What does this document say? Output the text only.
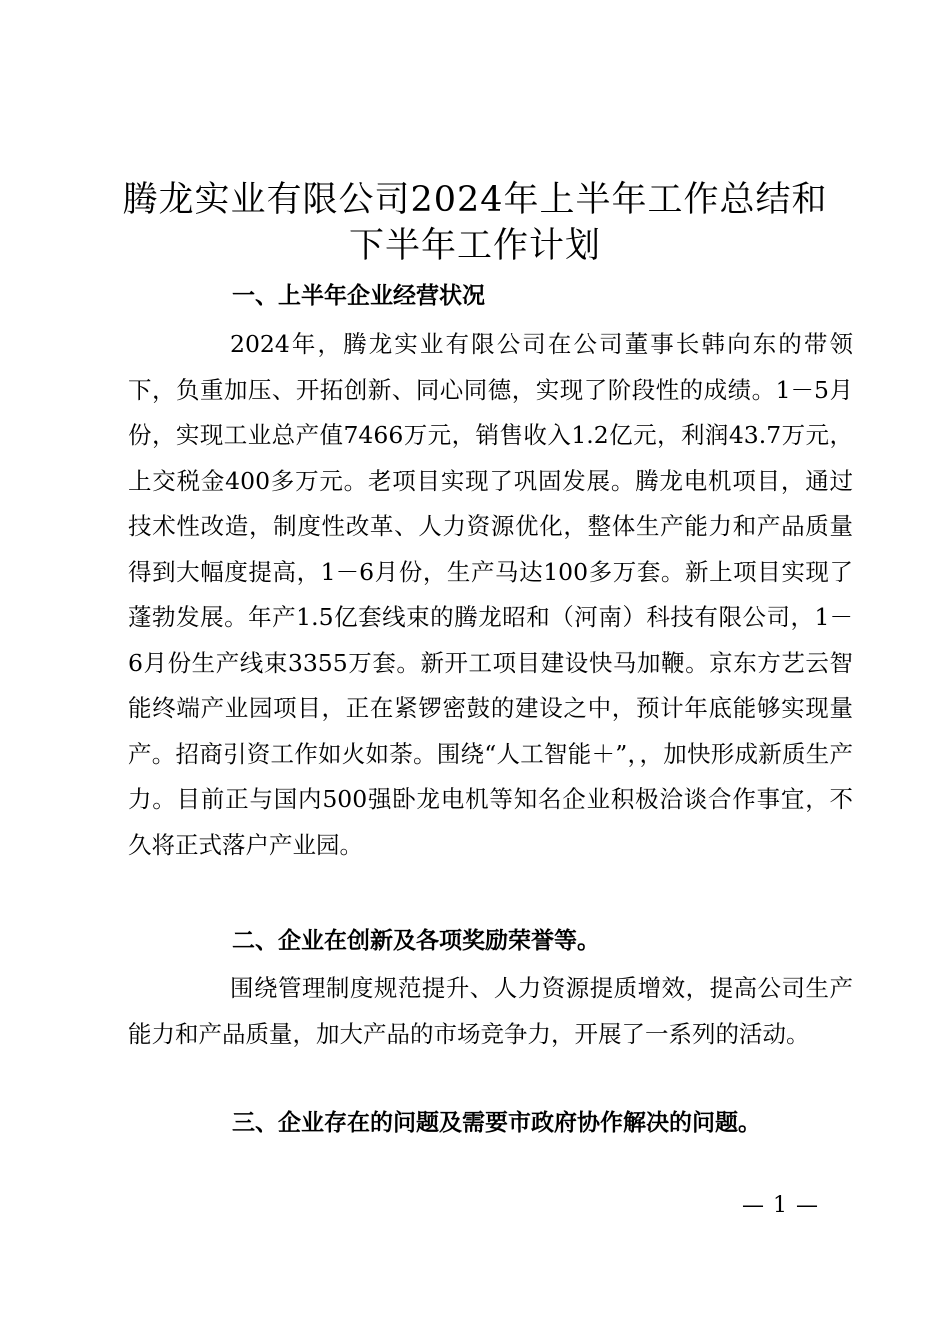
腾龙实业有限公司2024年上半年工作总结和
下半年工作计划
一、上半年企业经营状况

2024年，腾龙实业有限公司在公司董事长韩向东的带领下，负重加压、开拓创新、同心同德，实现了阶段性的成绩。1－5月份，实现工业总产值7466万元，销售收入1.2亿元，利润43.7万元，上交税金400多万元。老项目实现了巩固发展。腾龙电机项目，通过技术性改造，制度性改革、人力资源优化，整体生产能力和产品质量得到大幅度提高，1－6月份，生产马达100多万套。新上项目实现了蓬勃发展。年产1.5亿套线束的腾龙昭和（河南）科技有限公司，1－6月份生产线束3355万套。新开工项目建设快马加鞭。京东方艺云智能终端产业园项目，正在紧锣密鼓的建设之中，预计年底能够实现量产。招商引资工作如火如荼。围绕“人工智能＋”，，加快形成新质生产力。目前正与国内500强卧龙电机等知名企业积极洽谈合作事宜，不久将正式落户产业园。

二、企业在创新及各项奖励荣誉等。

围绕管理制度规范提升、人力资源提质增效，提高公司生产能力和产品质量，加大产品的市场竞争力，开展了一系列的活动。

三、企业存在的问题及需要市政府协作解决的问题。
— 1 —
